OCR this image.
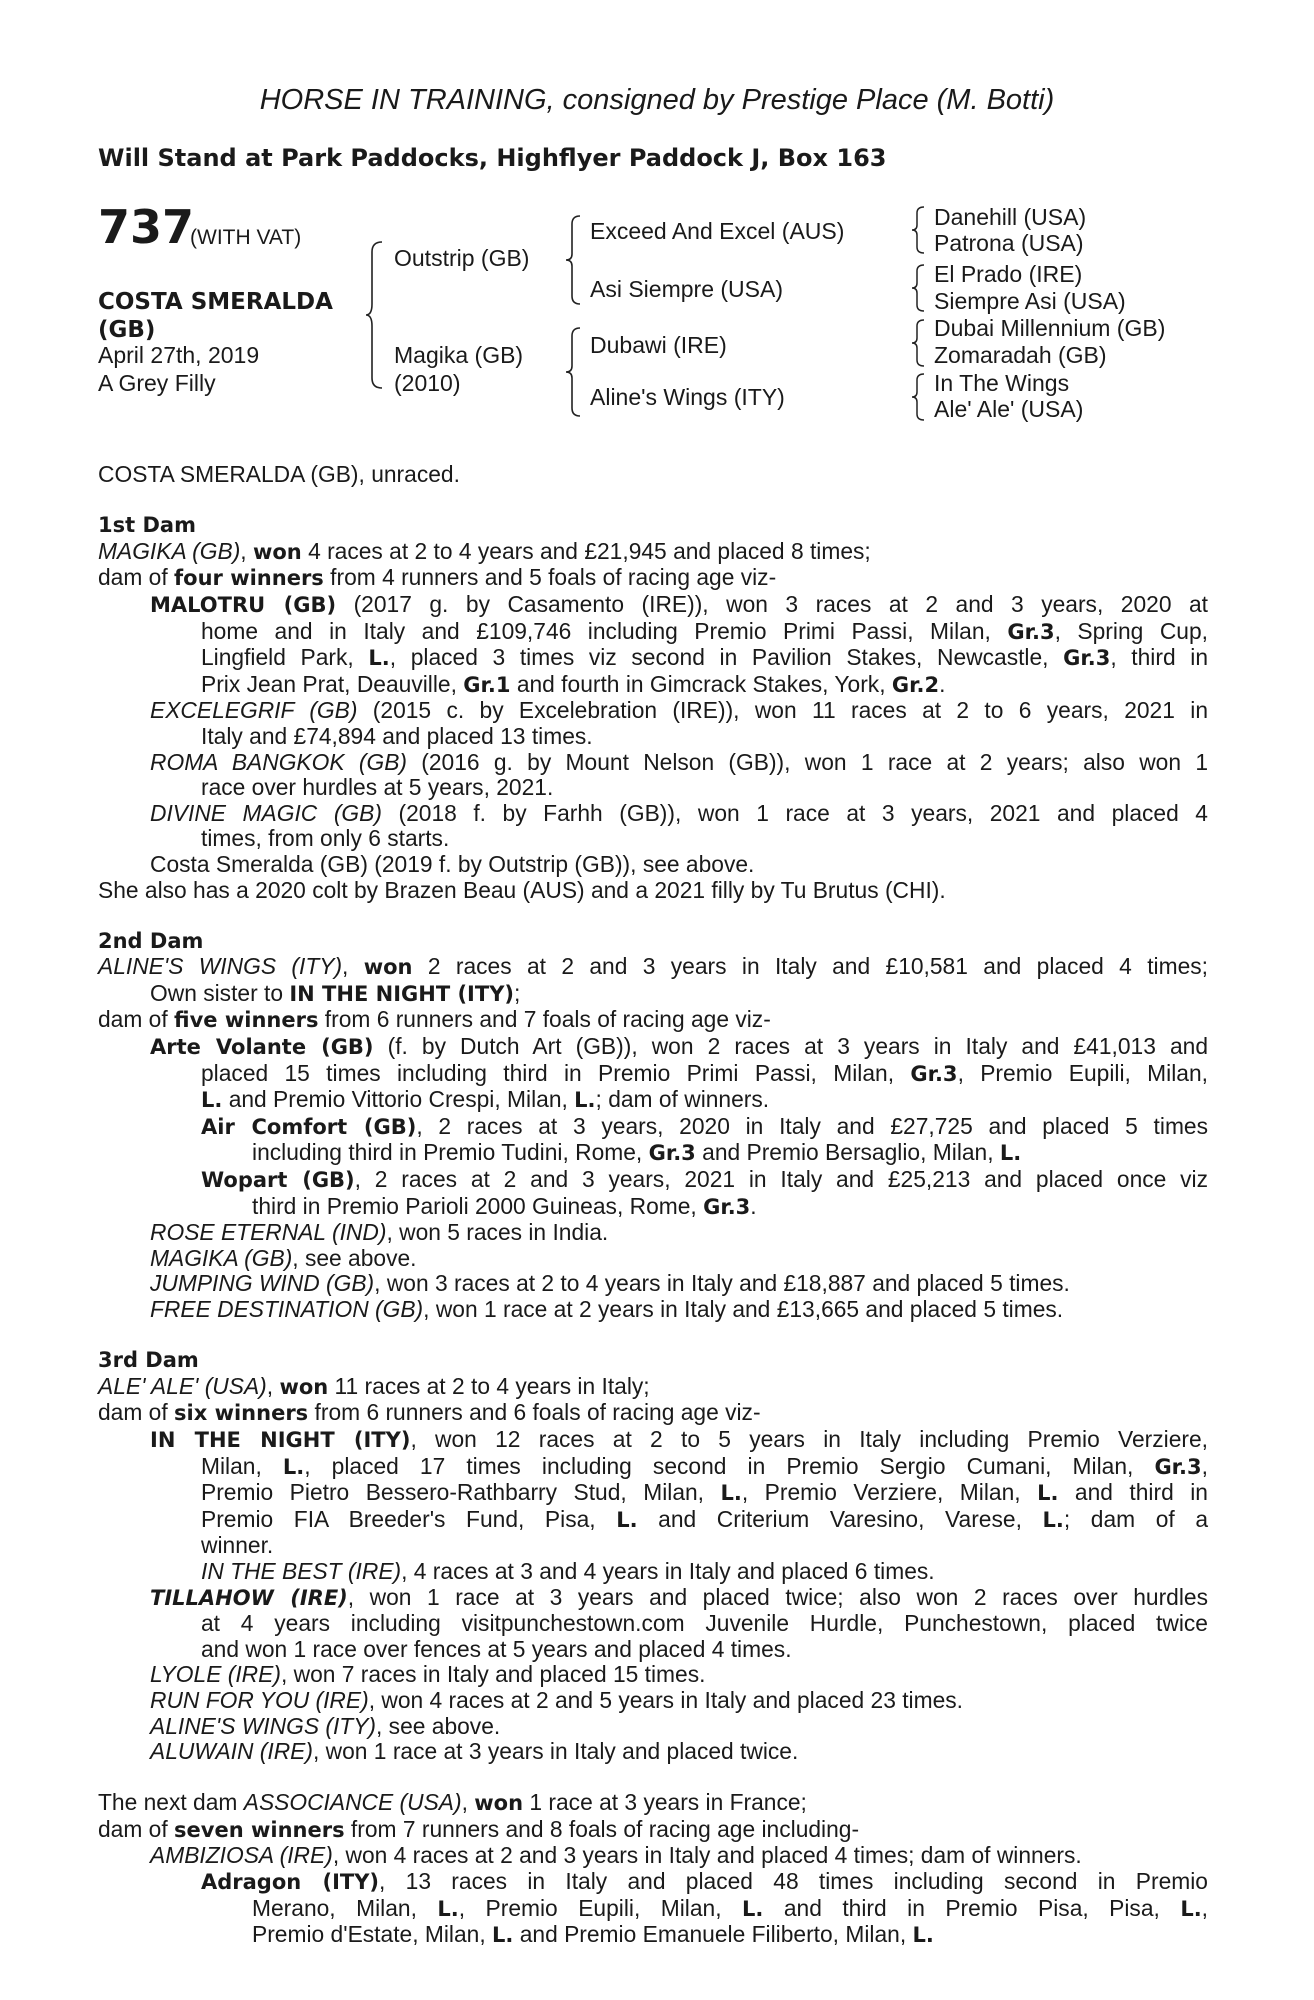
HORSE IN TRAINING, consigned by Prestige Place (M. Botti)
Will Stand at Park Paddocks, Highflyer Paddock J, Box 163
737
(WITH VAT)
COSTA SMERALDA (GB)
April 27th, 2019
A Grey Filly
Outstrip (GB)
Magika (GB)
(2010)
Exceed And Excel (AUS)
Asi Siempre (USA)
Dubawi (IRE)
Aline's Wings (ITY)
Danehill (USA)
Patrona (USA)
El Prado (IRE)
Siempre Asi (USA)
Dubai Millennium (GB)
Zomaradah (GB)
In The Wings
Ale' Ale' (USA)
COSTA SMERALDA (GB), unraced.
1st Dam
MAGIKA (GB), won 4 races at 2 to 4 years and £21,945 and placed 8 times;
dam of four winners from 4 runners and 5 foals of racing age viz-
MALOTRU (GB) (2017 g. by Casamento (IRE)), won 3 races at 2 and 3 years, 2020 at
home and in Italy and £109,746 including Premio Primi Passi, Milan, Gr.3, Spring Cup,
Lingfield Park, L., placed 3 times viz second in Pavilion Stakes, Newcastle, Gr.3, third in
Prix Jean Prat, Deauville, Gr.1 and fourth in Gimcrack Stakes, York, Gr.2.
EXCELEGRIF (GB) (2015 c. by Excelebration (IRE)), won 11 races at 2 to 6 years, 2021 in
Italy and £74,894 and placed 13 times.
ROMA BANGKOK (GB) (2016 g. by Mount Nelson (GB)), won 1 race at 2 years; also won 1
race over hurdles at 5 years, 2021.
DIVINE MAGIC (GB) (2018 f. by Farhh (GB)), won 1 race at 3 years, 2021 and placed 4
times, from only 6 starts.
Costa Smeralda (GB) (2019 f. by Outstrip (GB)), see above.
She also has a 2020 colt by Brazen Beau (AUS) and a 2021 filly by Tu Brutus (CHI).
2nd Dam
ALINE'S WINGS (ITY), won 2 races at 2 and 3 years in Italy and £10,581 and placed 4 times;
Own sister to IN THE NIGHT (ITY);
dam of five winners from 6 runners and 7 foals of racing age viz-
Arte Volante (GB) (f. by Dutch Art (GB)), won 2 races at 3 years in Italy and £41,013 and
placed 15 times including third in Premio Primi Passi, Milan, Gr.3, Premio Eupili, Milan,
L. and Premio Vittorio Crespi, Milan, L.; dam of winners.
Air Comfort (GB), 2 races at 3 years, 2020 in Italy and £27,725 and placed 5 times
including third in Premio Tudini, Rome, Gr.3 and Premio Bersaglio, Milan, L.
Wopart (GB), 2 races at 2 and 3 years, 2021 in Italy and £25,213 and placed once viz
third in Premio Parioli 2000 Guineas, Rome, Gr.3.
ROSE ETERNAL (IND), won 5 races in India.
MAGIKA (GB), see above.
JUMPING WIND (GB), won 3 races at 2 to 4 years in Italy and £18,887 and placed 5 times.
FREE DESTINATION (GB), won 1 race at 2 years in Italy and £13,665 and placed 5 times.
3rd Dam
ALE' ALE' (USA), won 11 races at 2 to 4 years in Italy;
dam of six winners from 6 runners and 6 foals of racing age viz-
IN THE NIGHT (ITY), won 12 races at 2 to 5 years in Italy including Premio Verziere,
Milan, L., placed 17 times including second in Premio Sergio Cumani, Milan, Gr.3,
Premio Pietro Bessero-Rathbarry Stud, Milan, L., Premio Verziere, Milan, L. and third in
Premio FIA Breeder's Fund, Pisa, L. and Criterium Varesino, Varese, L.; dam of a
winner.
IN THE BEST (IRE), 4 races at 3 and 4 years in Italy and placed 6 times.
TILLAHOW (IRE), won 1 race at 3 years and placed twice; also won 2 races over hurdles
at 4 years including visitpunchestown.com Juvenile Hurdle, Punchestown, placed twice
and won 1 race over fences at 5 years and placed 4 times.
LYOLE (IRE), won 7 races in Italy and placed 15 times.
RUN FOR YOU (IRE), won 4 races at 2 and 5 years in Italy and placed 23 times.
ALINE'S WINGS (ITY), see above.
ALUWAIN (IRE), won 1 race at 3 years in Italy and placed twice.
The next dam ASSOCIANCE (USA), won 1 race at 3 years in France;
dam of seven winners from 7 runners and 8 foals of racing age including-
AMBIZIOSA (IRE), won 4 races at 2 and 3 years in Italy and placed 4 times; dam of winners.
Adragon (ITY), 13 races in Italy and placed 48 times including second in Premio
Merano, Milan, L., Premio Eupili, Milan, L. and third in Premio Pisa, Pisa, L.,
Premio d'Estate, Milan, L. and Premio Emanuele Filiberto, Milan, L.
